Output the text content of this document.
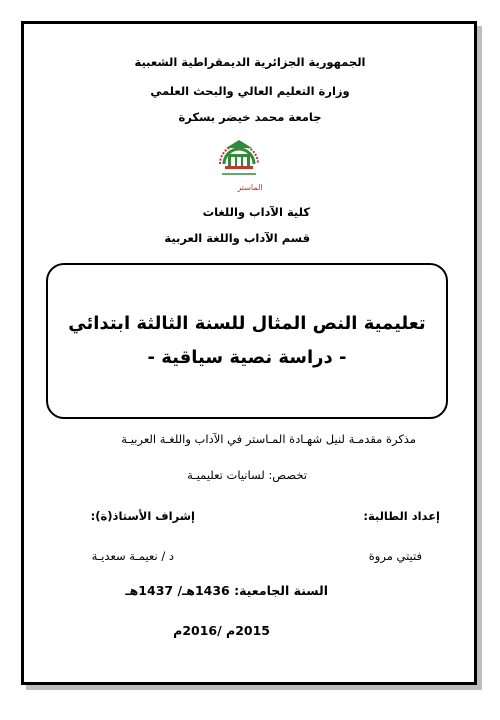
الجمهورية الجزائرية الديمقراطية الشعبية
وزارة التعليم العالي والبحث العلمي
جامعة محمد خيضر بسكرة
الماستر
كلية الآداب واللغات
قسم الآداب واللغة العربية
تعليمية النص المثال للسنة الثالثة ابتدائي
- دراسة نصية سياقية -
مذكرة مقدمـة لنيل شهـادة المـاستر في الآداب واللغـة العربيـة
تخصص: لسانيات تعليميـة
إعداد الطالبة:
إشراف الأستاذ(ة):
فتيتي مروة
د / نعيمـة سعديـة
السنة الجامعية: 1436هـ/ 1437هـ
2015م /2016م
